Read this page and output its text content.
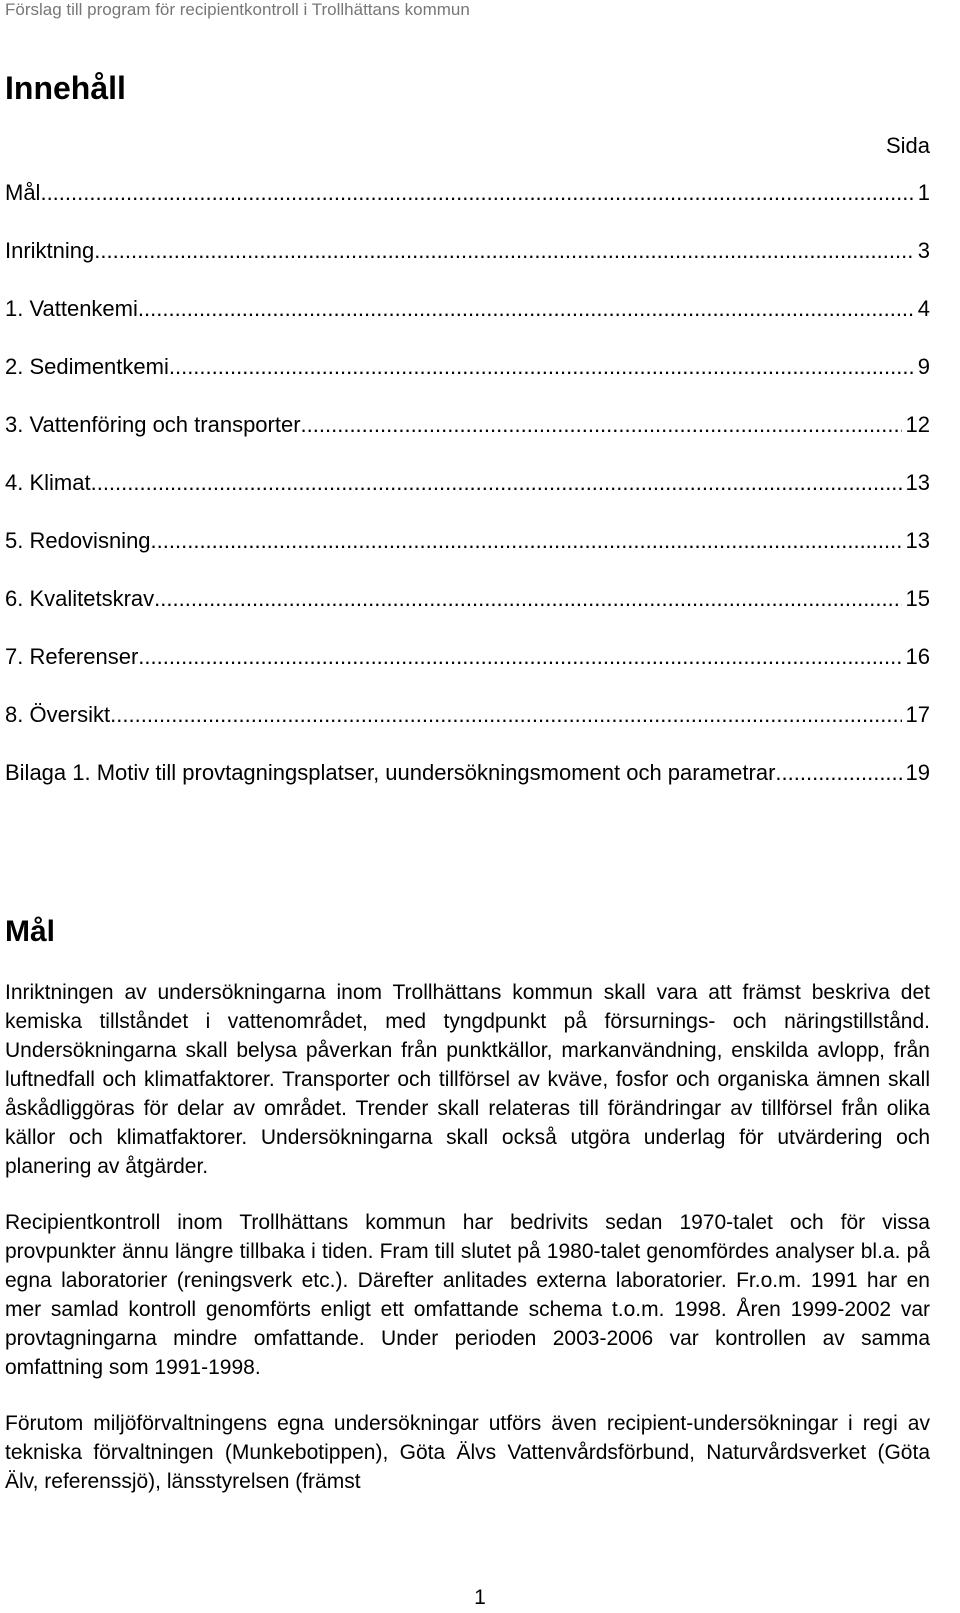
Förslag till program för recipientkontroll i Trollhättans kommun
Innehåll
Sida
Mål .....	1
Inriktning .....	3
1. Vattenkemi .....	4
2. Sedimentkemi .....	9
3. Vattenföring och transporter .....	12
4. Klimat .....	13
5. Redovisning .....	13
6. Kvalitetskrav .....	15
7. Referenser .....	16
8. Översikt .....	17
Bilaga 1. Motiv till provtagningsplatser, uundersökningsmoment och parametrar .....	19
Mål

Inriktningen av undersökningarna inom Trollhättans kommun skall vara att främst beskriva det kemiska tillståndet i vattenområdet, med tyngdpunkt på försurnings- och näringstillstånd. Undersökningarna skall belysa påverkan från punktkällor, markanvändning, enskilda avlopp, från luftnedfall och klimatfaktorer. Transporter och tillförsel av kväve, fosfor och organiska ämnen skall åskådliggöras för delar av området. Trender skall relateras till förändringar av tillförsel från olika källor och klimatfaktorer. Undersökningarna skall också utgöra underlag för utvärdering och planering av åtgärder.

Recipientkontroll inom Trollhättans kommun har bedrivits sedan 1970-talet och för vissa provpunkter ännu längre tillbaka i tiden. Fram till slutet på 1980-talet genomfördes analyser bl.a. på egna laboratorier (reningsverk etc.). Därefter anlitades externa laboratorier. Fr.o.m. 1991 har en mer samlad kontroll genomförts enligt ett omfattande schema t.o.m. 1998. Åren 1999-2002 var provtagningarna mindre omfattande. Under perioden 2003-2006 var kontrollen av samma omfattning som 1991-1998.

Förutom miljöförvaltningens egna undersökningar utförs även recipient-undersökningar i regi av tekniska förvaltningen (Munkebotippen), Göta Älvs Vattenvårdsförbund, Naturvårdsverket (Göta Älv, referenssjö), länsstyrelsen (främst

1
